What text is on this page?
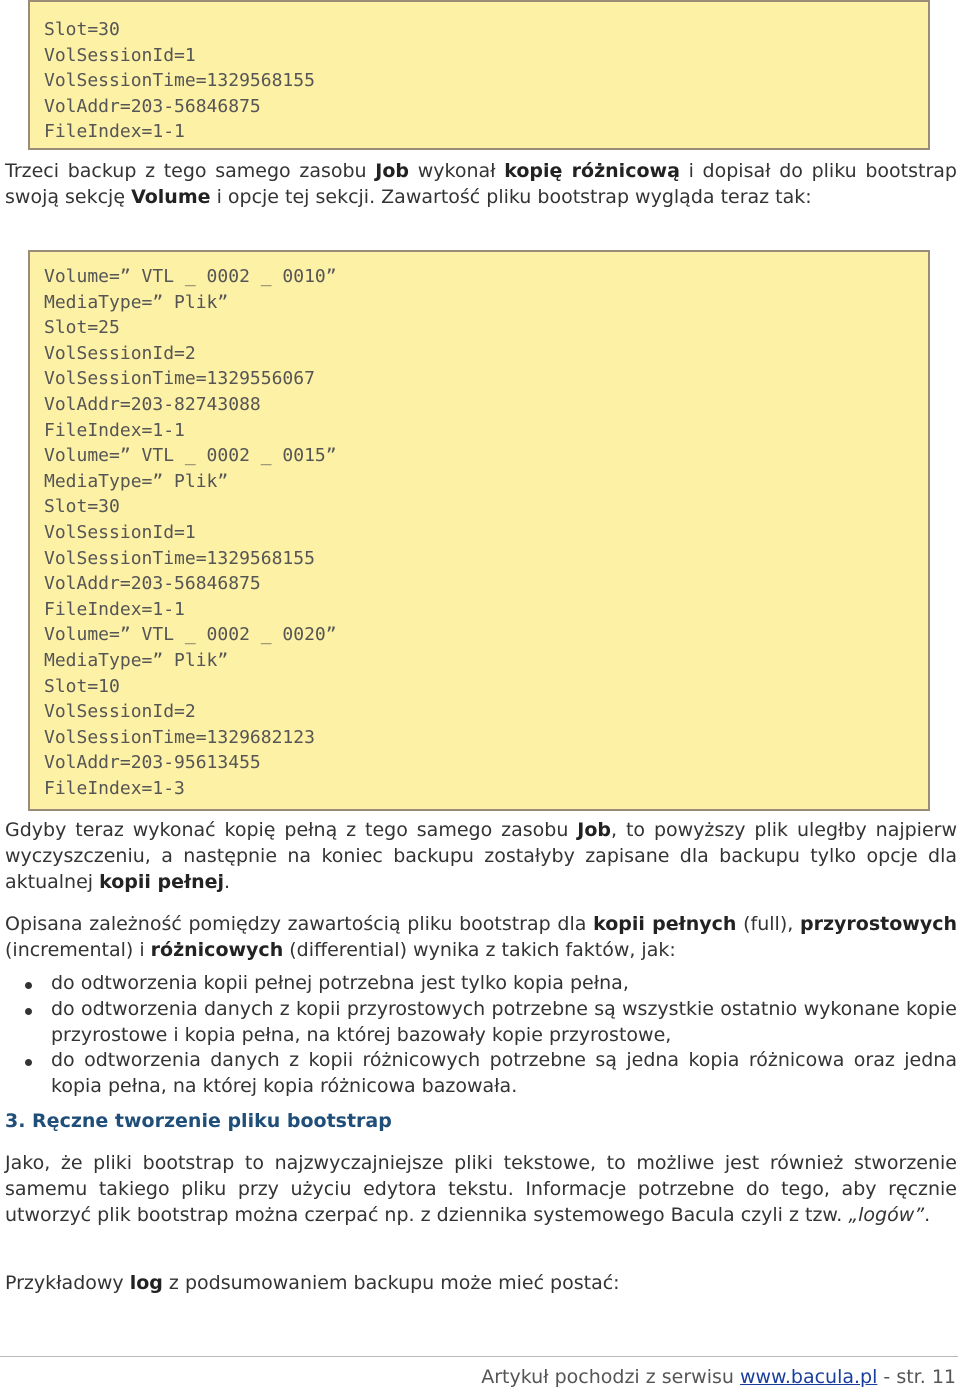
Slot=30
VolSessionId=1
VolSessionTime=1329568155
VolAddr=203-56846875
FileIndex=1-1

Trzeci backup z tego samego zasobu Job wykonał kopię różnicową i dopisał do pliku bootstrap swoją sekcję Volume i opcje tej sekcji. Zawartość pliku bootstrap wygląda teraz tak:

Volume=” VTL _ 0002 _ 0010”
MediaType=” Plik”
Slot=25
VolSessionId=2
VolSessionTime=1329556067
VolAddr=203-82743088
FileIndex=1-1
Volume=” VTL _ 0002 _ 0015”
MediaType=” Plik”
Slot=30
VolSessionId=1
VolSessionTime=1329568155
VolAddr=203-56846875
FileIndex=1-1
Volume=” VTL _ 0002 _ 0020”
MediaType=” Plik”
Slot=10
VolSessionId=2
VolSessionTime=1329682123
VolAddr=203-95613455
FileIndex=1-3

Gdyby teraz wykonać kopię pełną z tego samego zasobu Job, to powyższy plik uległby najpierw wyczyszczeniu, a następnie na koniec backupu zostałyby zapisane dla backupu tylko opcje dla aktualnej kopii pełnej.

Opisana zależność pomiędzy zawartością pliku bootstrap dla kopii pełnych (full), przyrostowych (incremental) i różnicowych (differential) wynika z takich faktów, jak:

do odtworzenia kopii pełnej potrzebna jest tylko kopia pełna,
do odtworzenia danych z kopii przyrostowych potrzebne są wszystkie ostatnio wykonane kopie przyrostowe i kopia pełna, na której bazowały kopie przyrostowe,
do odtworzenia danych z kopii różnicowych potrzebne są jedna kopia różnicowa oraz jedna kopia pełna, na której kopia różnicowa bazowała.
3. Ręczne tworzenie pliku bootstrap

Jako, że pliki bootstrap to najzwyczajniejsze pliki tekstowe, to możliwe jest również stworzenie samemu takiego pliku przy użyciu edytora tekstu. Informacje potrzebne do tego, aby ręcznie utworzyć plik bootstrap można czerpać np. z dziennika systemowego Bacula czyli z tzw. „logów”.

Przykładowy log z podsumowaniem backupu może mieć postać:

Artykuł pochodzi z serwisu www.bacula.pl - str. 11
